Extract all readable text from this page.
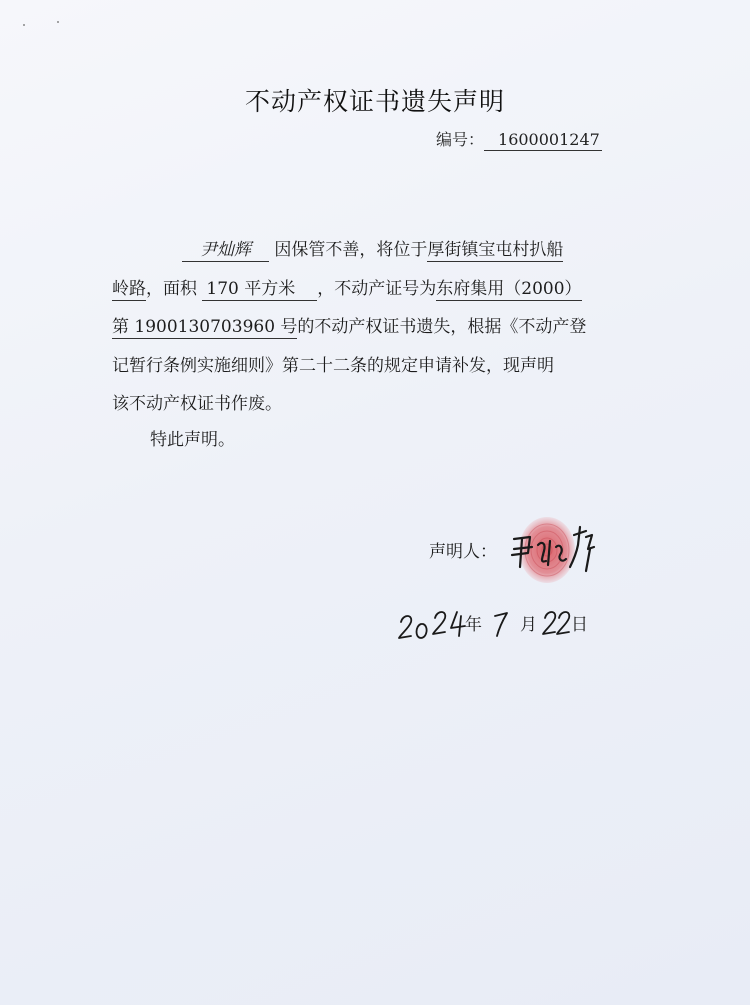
不动产权证书遗失声明
编号： 1600001247
尹灿辉 因保管不善，将位于厚街镇宝屯村扒船
岭路，面积 170 平方米 ，不动产证号为东府集用（2000）
第 1900130703960 号的不动产权证书遗失，根据《不动产登
记暂行条例实施细则》第二十二条的规定申请补发，现声明
该不动产权证书作废。
特此声明。
声明人：
年 月 日
